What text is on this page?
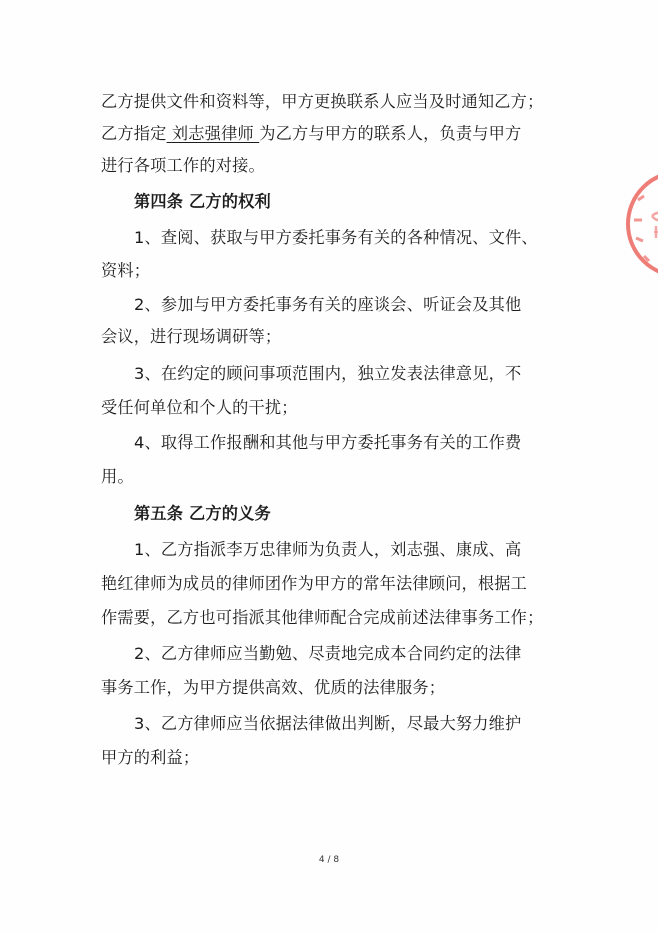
乙方提供文件和资料等，甲方更换联系人应当及时通知乙方；
乙方指定 刘志强律师 为乙方与甲方的联系人，负责与甲方
进行各项工作的对接。
第四条 乙方的权利
1、查阅、获取与甲方委托事务有关的各种情况、文件、
资料；
2、参加与甲方委托事务有关的座谈会、听证会及其他
会议，进行现场调研等；
3、在约定的顾问事项范围内，独立发表法律意见，不
受任何单位和个人的干扰；
4、取得工作报酬和其他与甲方委托事务有关的工作费
用。
第五条 乙方的义务
1、乙方指派李万忠律师为负责人，刘志强、康成、高
艳红律师为成员的律师团作为甲方的常年法律顾问，根据工
作需要，乙方也可指派其他律师配合完成前述法律事务工作；
2、乙方律师应当勤勉、尽责地完成本合同约定的法律
事务工作，为甲方提供高效、优质的法律服务；
3、乙方律师应当依据法律做出判断，尽最大努力维护
甲方的利益；
4 / 8
